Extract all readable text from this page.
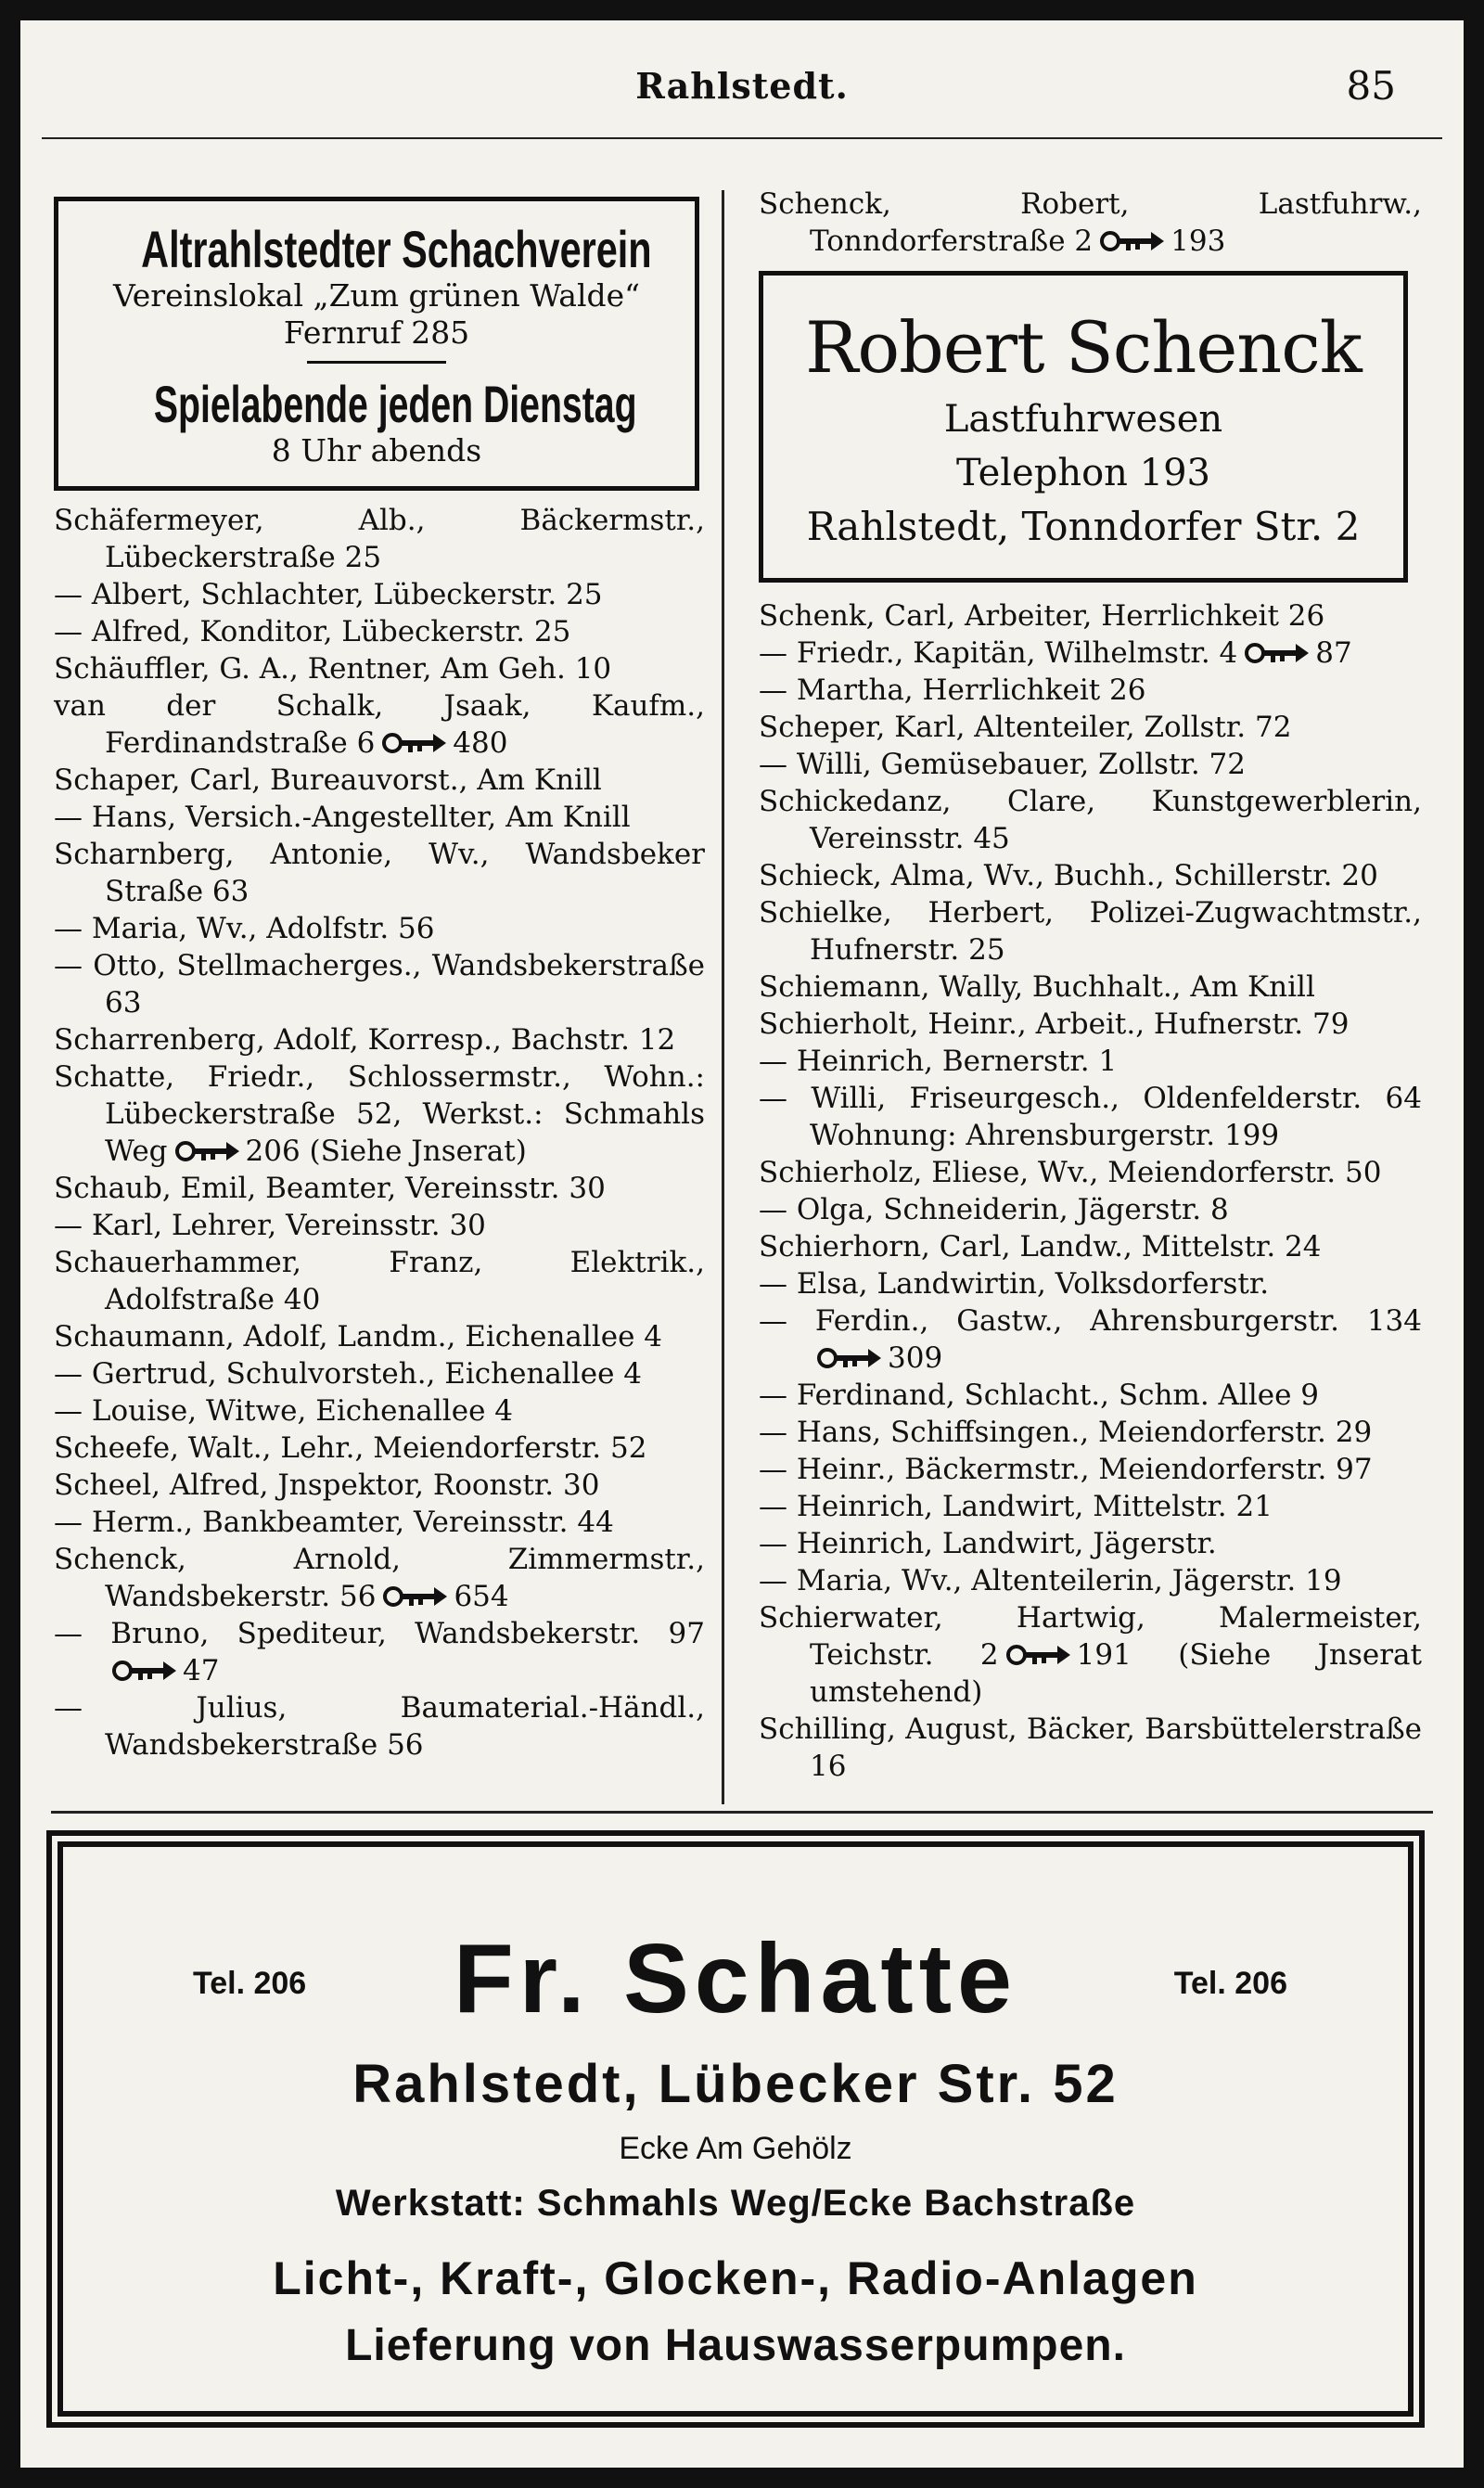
Rahlstedt.	85
Altrahlstedter Schachverein
Vereinslokal „Zum grünen Walde“
Fernruf 285
Spielabende jeden Dienstag
8 Uhr abends
Schäfermeyer, Alb., Bäckermstr., Lübeckerstraße 25
— Albert, Schlachter, Lübeckerstr. 25
— Alfred, Konditor, Lübeckerstr. 25
Schäuffler, G. A., Rentner, Am Geh. 10
van der Schalk, Jsaak, Kaufm., Ferdinandstraße 6	480
Schaper, Carl, Bureauvorst., Am Knill
— Hans, Versich.-Angestellter, Am Knill
Scharnberg, Antonie, Wv., Wandsbeker Straße 63
— Maria, Wv., Adolfstr. 56
— Otto, Stellmacherges., Wandsbekerstraße 63
Scharrenberg, Adolf, Korresp., Bachstr. 12
Schatte, Friedr., Schlossermstr., Wohn.: Lübeckerstraße 52, Werkst.: Schmahls Weg	206 (Siehe Jnserat)
Schaub, Emil, Beamter, Vereinsstr. 30
— Karl, Lehrer, Vereinsstr. 30
Schauerhammer, Franz, Elektrik., Adolfstraße 40
Schaumann, Adolf, Landm., Eichenallee 4
— Gertrud, Schulvorsteh., Eichenallee 4
— Louise, Witwe, Eichenallee 4
Scheefe, Walt., Lehr., Meiendorferstr. 52
Scheel, Alfred, Jnspektor, Roonstr. 30
— Herm., Bankbeamter, Vereinsstr. 44
Schenck, Arnold, Zimmermstr., Wandsbekerstr. 56	654
— Bruno, Spediteur, Wandsbekerstr. 97
47
— Julius, Baumaterial.-Händl., Wandsbekerstraße 56
Schenck, Robert, Lastfuhrw., Tonndorferstraße 2	193
Robert Schenck
Lastfuhrwesen
Telephon 193
Rahlstedt, Tonndorfer Str. 2
Schenk, Carl, Arbeiter, Herrlichkeit 26
— Friedr., Kapitän, Wilhelmstr. 4	87
— Martha, Herrlichkeit 26
Scheper, Karl, Altenteiler, Zollstr. 72
— Willi, Gemüsebauer, Zollstr. 72
Schickedanz, Clare, Kunstgewerblerin, Vereinsstr. 45
Schieck, Alma, Wv., Buchh., Schillerstr. 20
Schielke, Herbert, Polizei-Zugwachtmstr., Hufnerstr. 25
Schiemann, Wally, Buchhalt., Am Knill
Schierholt, Heinr., Arbeit., Hufnerstr. 79
— Heinrich, Bernerstr. 1
— Willi, Friseurgesch., Oldenfelderstr. 64 Wohnung: Ahrensburgerstr. 199
Schierholz, Eliese, Wv., Meiendorferstr. 50
— Olga, Schneiderin, Jägerstr. 8
Schierhorn, Carl, Landw., Mittelstr. 24
— Elsa, Landwirtin, Volksdorferstr.
— Ferdin., Gastw., Ahrensburgerstr. 134
309
— Ferdinand, Schlacht., Schm. Allee 9
— Hans, Schiffsingen., Meiendorferstr. 29
— Heinr., Bäckermstr., Meiendorferstr. 97
— Heinrich, Landwirt, Mittelstr. 21
— Heinrich, Landwirt, Jägerstr.
— Maria, Wv., Altenteilerin, Jägerstr. 19
Schierwater, Hartwig, Malermeister, Teichstr. 2	191 (Siehe Jnserat umstehend)
Schilling, August, Bäcker, Barsbüttelerstraße 16
Tel. 206	Tel. 206
Fr. Schatte
Rahlstedt, Lübecker Str. 52
Ecke Am Gehölz
Werkstatt: Schmahls Weg/Ecke Bachstraße
Licht-, Kraft-, Glocken-, Radio-Anlagen
Lieferung von Hauswasserpumpen.
